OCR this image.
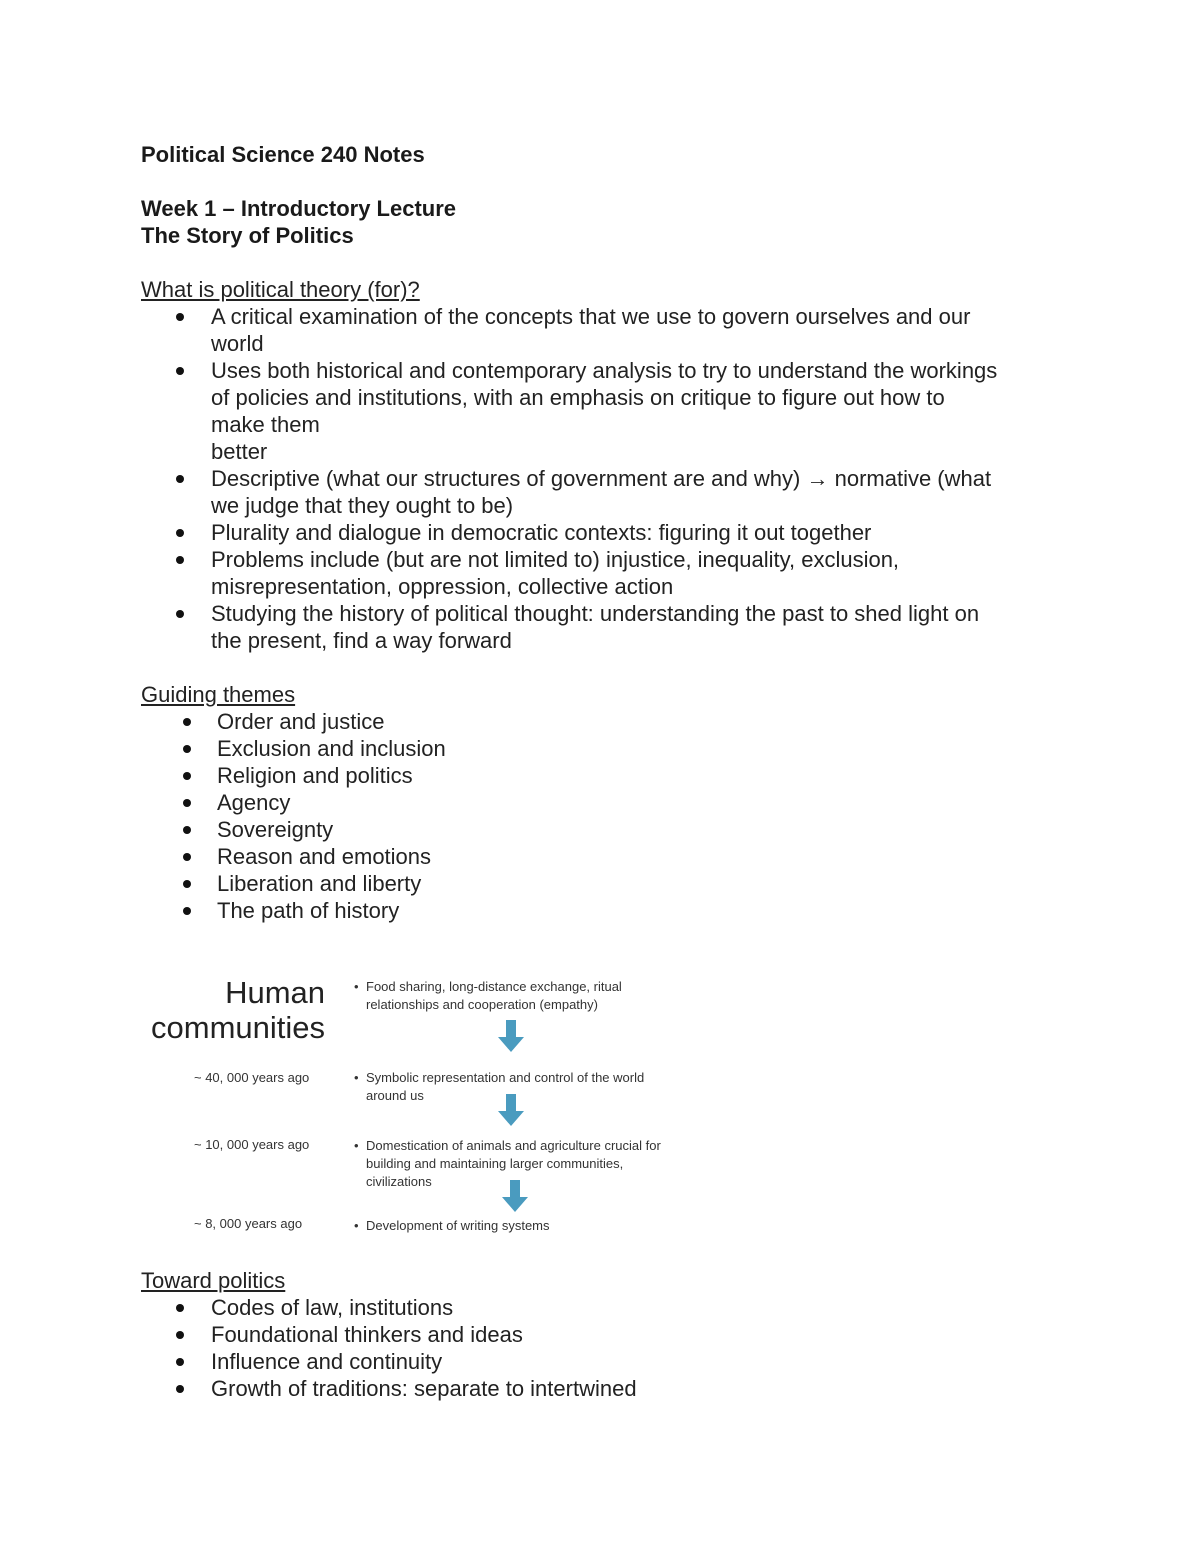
Political Science 240 Notes

Week 1 – Introductory Lecture

The Story of Politics

What is political theory (for)?

A critical examination of the concepts that we use to govern ourselves and our
world
Uses both historical and contemporary analysis to try to understand the workings
of policies and institutions, with an emphasis on critique to figure out how to
make them
better
Descriptive (what our structures of government are and why) → normative (what
we judge that they ought to be)
Plurality and dialogue in democratic contexts: figuring it out together
Problems include (but are not limited to) injustice, inequality, exclusion,
misrepresentation, oppression, collective action
Studying the history of political thought: understanding the past to shed light on
the present, find a way forward

Guiding themes

Order and justice
Exclusion and inclusion
Religion and politics
Agency
Sovereignty
Reason and emotions
Liberation and liberty
The path of history
Human
communities
• Food sharing, long-distance exchange, ritual
relationships and cooperation (empathy)
~ 40, 000 years ago	• Symbolic representation and control of the world
around us
~ 10, 000 years ago	• Domestication of animals and agriculture crucial for
building and maintaining larger communities,
civilizations
~ 8, 000 years ago	• Development of writing systems

Toward politics

Codes of law, institutions
Foundational thinkers and ideas
Influence and continuity
Growth of traditions: separate to intertwined
